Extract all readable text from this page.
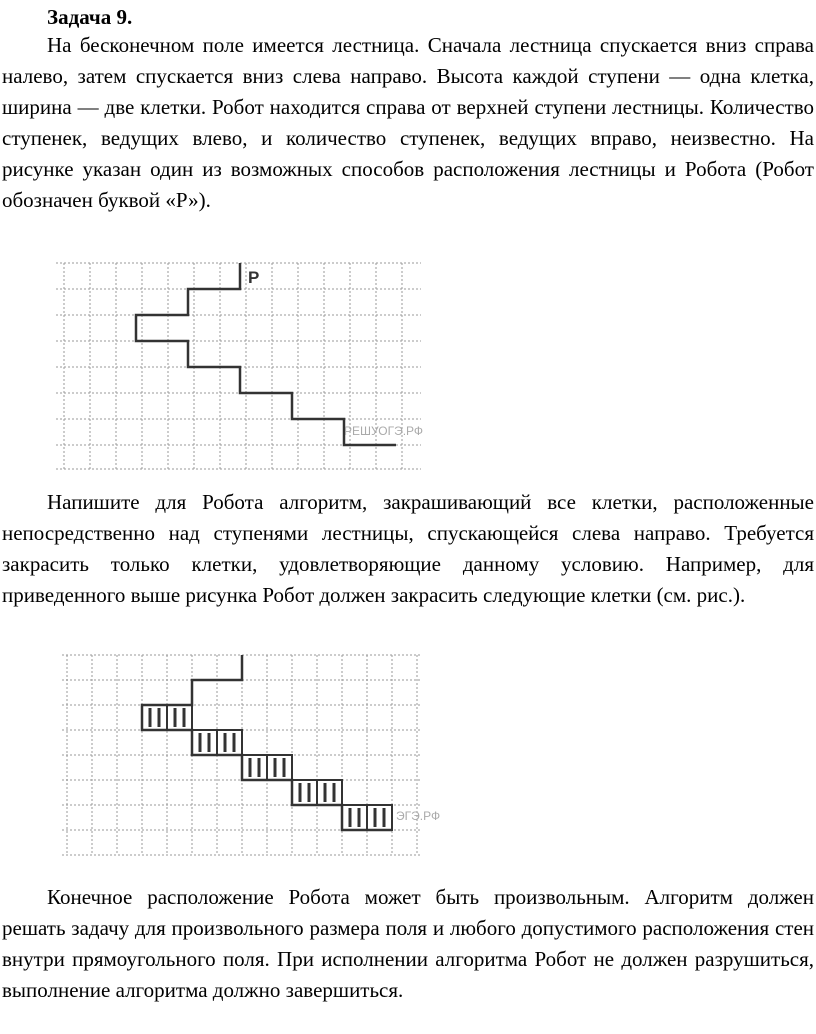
Задача 9.

На бесконечном поле имеется лестница. Сначала лестница спускается вниз справа налево, затем спускается вниз слева направо. Высота каждой ступени — одна клетка, ширина — две клетки. Робот находится справа от верхней ступени лестницы. Количество ступенек, ведущих влево, и количество ступенек, ведущих вправо, неизвестно. На рисунке указан один из возможных способов расположения лестницы и Робота (Робот обозначен буквой «Р»).

Р
РЕШУОГЭ.РФ

Напишите для Робота алгоритм, закрашивающий все клетки, расположенные непосредственно над ступенями лестницы, спускающейся слева направо. Требуется закрасить только клетки, удовлетворяющие данному условию. Например, для приведенного выше рисунка Робот должен закрасить следующие клетки (см. рис.).

ЭГЭ.РФ

Конечное расположение Робота может быть произвольным. Алгоритм должен решать задачу для произвольного размера поля и любого допустимого расположения стен внутри прямоугольного поля. При исполнении алгоритма Робот не должен разрушиться, выполнение алгоритма должно завершиться.
